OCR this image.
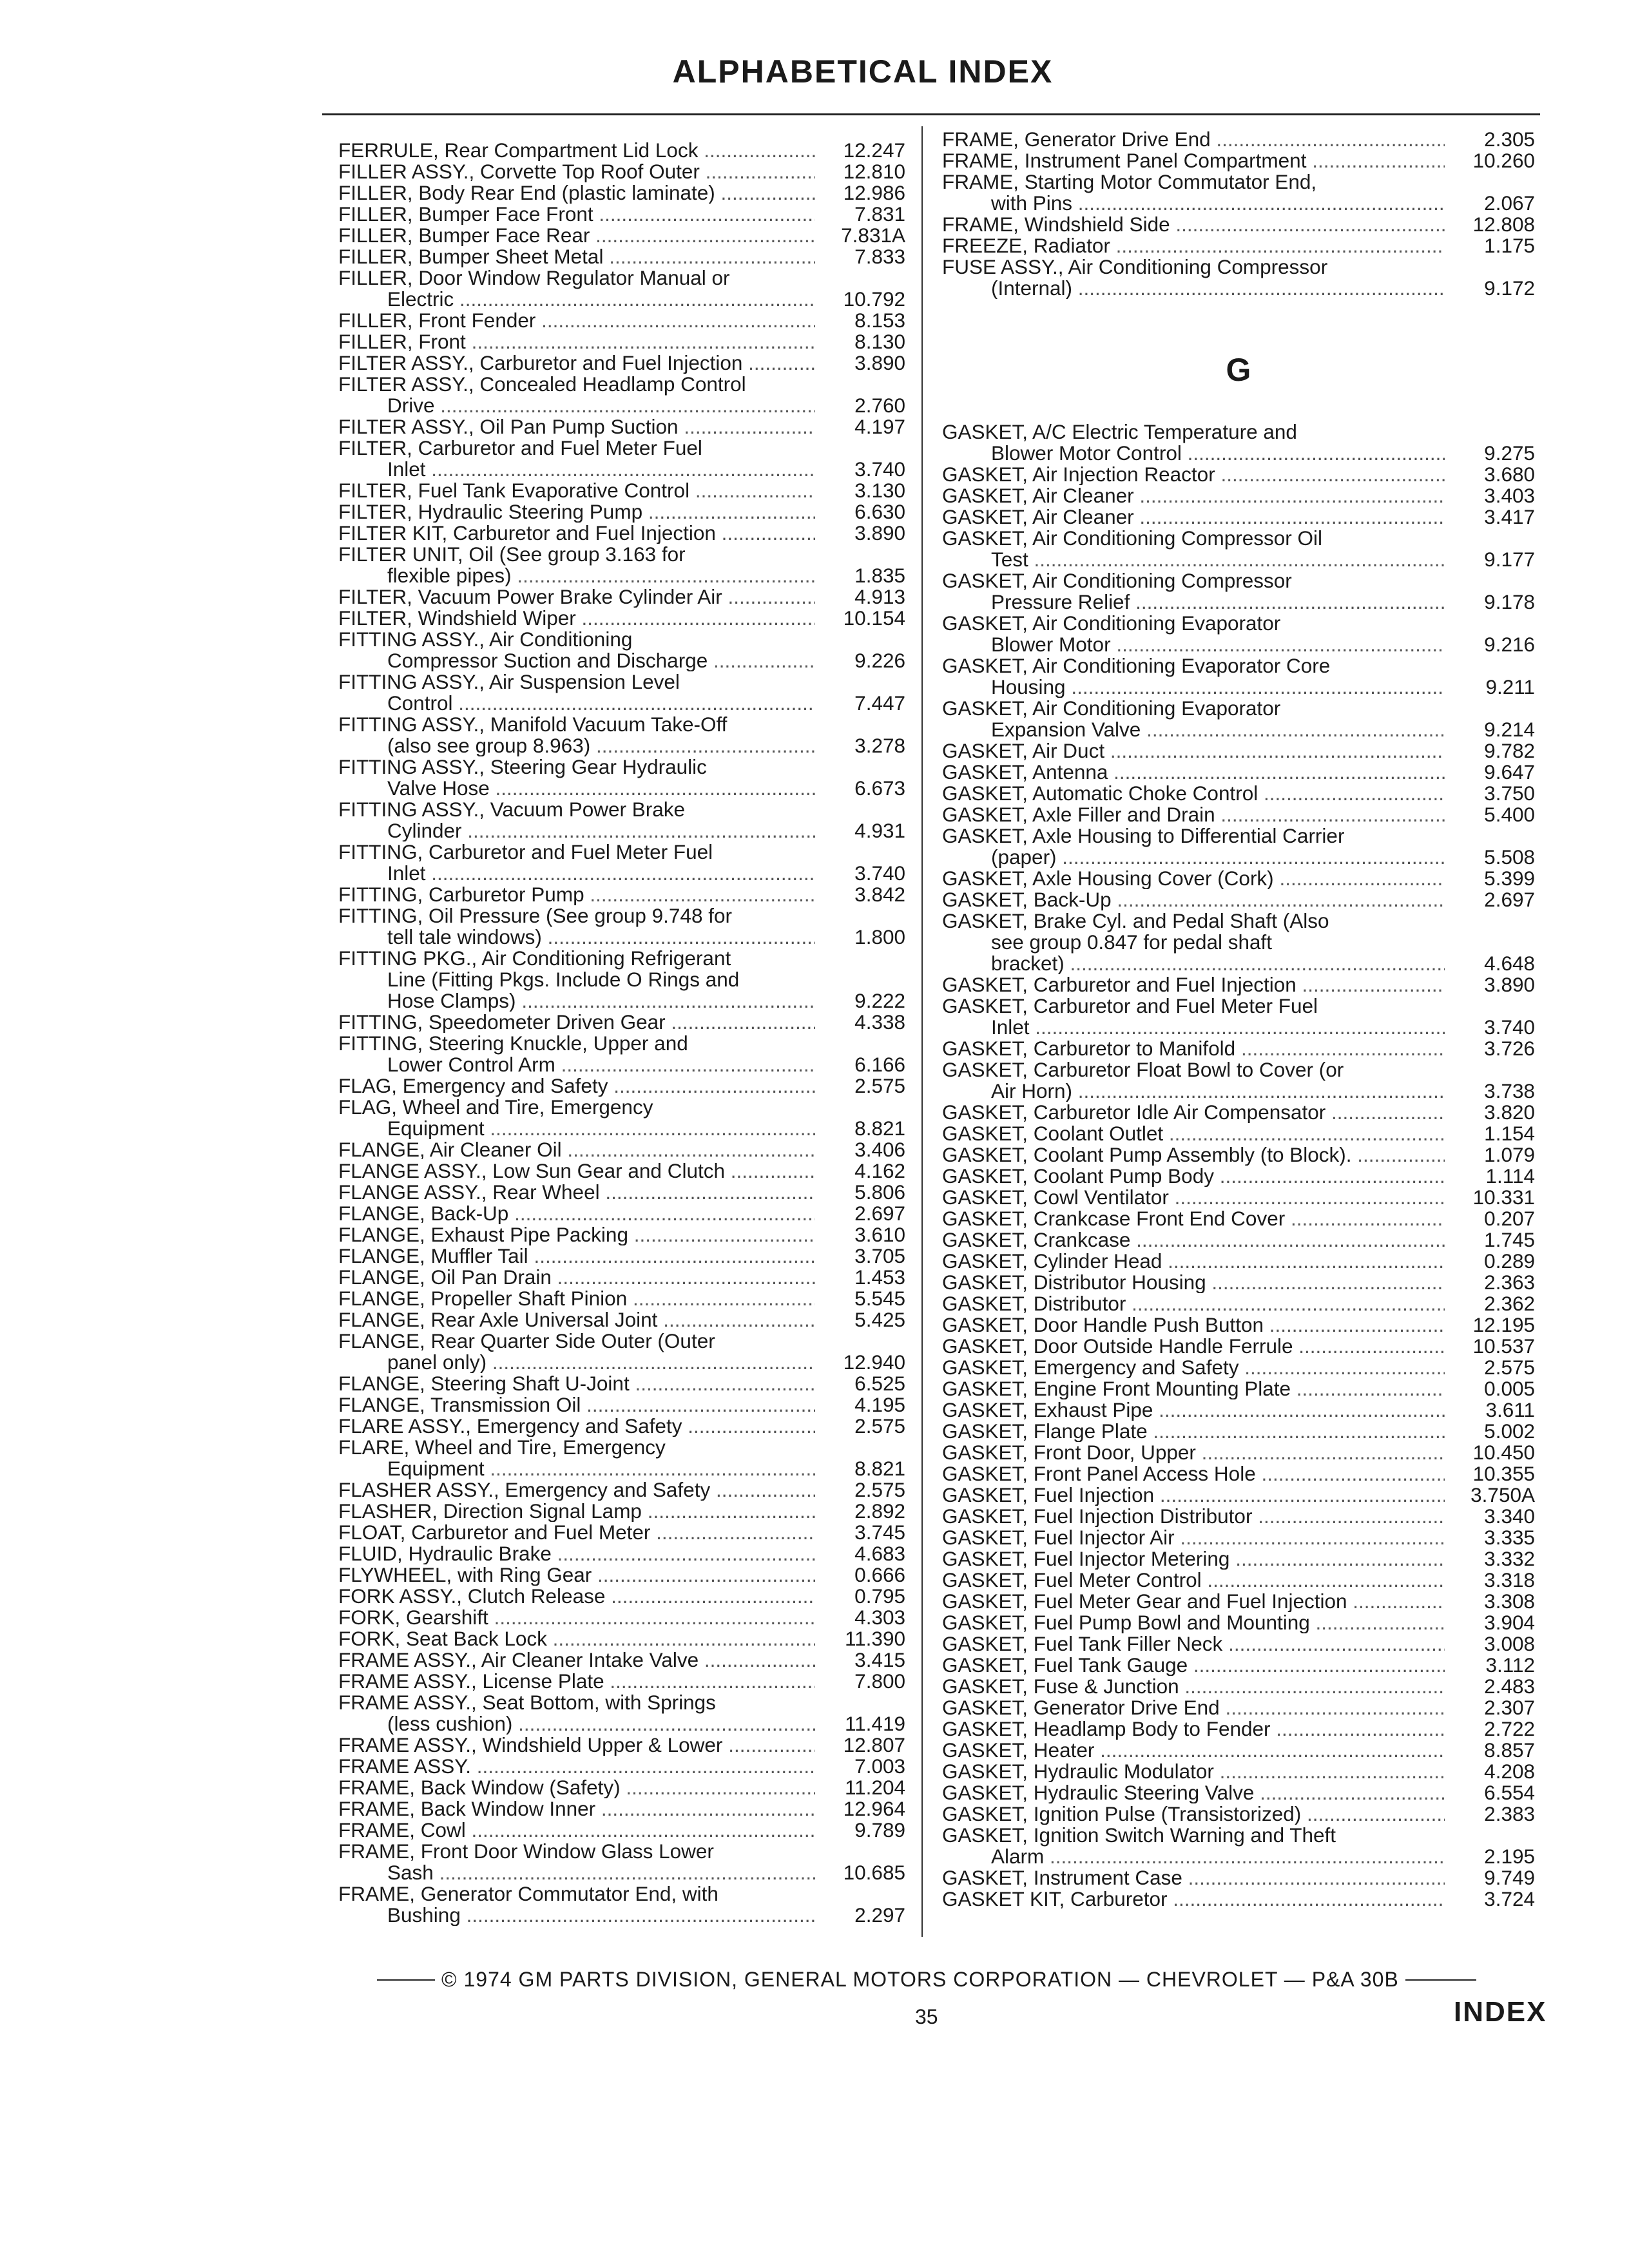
ALPHABETICAL INDEX
FERRULE, Rear Compartment Lid Lock .....	12.247
FILLER ASSY., Corvette Top Roof Outer .....	12.810
FILLER, Body Rear End (plastic laminate) .....	12.986
FILLER, Bumper Face Front .....	7.831
FILLER, Bumper Face Rear .....	7.831A
FILLER, Bumper Sheet Metal .....	7.833
FILLER, Door Window Regulator Manual or
Electric .....	10.792
FILLER, Front Fender .....	8.153
FILLER, Front .....	8.130
FILTER ASSY., Carburetor and Fuel Injection .....	3.890
FILTER ASSY., Concealed Headlamp Control
Drive .....	2.760
FILTER ASSY., Oil Pan Pump Suction .....	4.197
FILTER, Carburetor and Fuel Meter Fuel
Inlet .....	3.740
FILTER, Fuel Tank Evaporative Control .....	3.130
FILTER, Hydraulic Steering Pump .....	6.630
FILTER KIT, Carburetor and Fuel Injection .....	3.890
FILTER UNIT, Oil (See group 3.163 for
flexible pipes) .....	1.835
FILTER, Vacuum Power Brake Cylinder Air .....	4.913
FILTER, Windshield Wiper .....	10.154
FITTING ASSY., Air Conditioning
Compressor Suction and Discharge .....	9.226
FITTING ASSY., Air Suspension Level
Control .....	7.447
FITTING ASSY., Manifold Vacuum Take-Off
(also see group 8.963) .....	3.278
FITTING ASSY., Steering Gear Hydraulic
Valve Hose .....	6.673
FITTING ASSY., Vacuum Power Brake
Cylinder .....	4.931
FITTING, Carburetor and Fuel Meter Fuel
Inlet .....	3.740
FITTING, Carburetor Pump .....	3.842
FITTING, Oil Pressure (See group 9.748 for
tell tale windows) .....	1.800
FITTING PKG., Air Conditioning Refrigerant
Line (Fitting Pkgs. Include O Rings and
Hose Clamps) .....	9.222
FITTING, Speedometer Driven Gear .....	4.338
FITTING, Steering Knuckle, Upper and
Lower Control Arm .....	6.166
FLAG, Emergency and Safety .....	2.575
FLAG, Wheel and Tire, Emergency
Equipment .....	8.821
FLANGE, Air Cleaner Oil .....	3.406
FLANGE ASSY., Low Sun Gear and Clutch .....	4.162
FLANGE ASSY., Rear Wheel .....	5.806
FLANGE, Back-Up .....	2.697
FLANGE, Exhaust Pipe Packing .....	3.610
FLANGE, Muffler Tail .....	3.705
FLANGE, Oil Pan Drain .....	1.453
FLANGE, Propeller Shaft Pinion .....	5.545
FLANGE, Rear Axle Universal Joint .....	5.425
FLANGE, Rear Quarter Side Outer (Outer
panel only) .....	12.940
FLANGE, Steering Shaft U-Joint .....	6.525
FLANGE, Transmission Oil .....	4.195
FLARE ASSY., Emergency and Safety .....	2.575
FLARE, Wheel and Tire, Emergency
Equipment .....	8.821
FLASHER ASSY., Emergency and Safety .....	2.575
FLASHER, Direction Signal Lamp .....	2.892
FLOAT, Carburetor and Fuel Meter .....	3.745
FLUID, Hydraulic Brake .....	4.683
FLYWHEEL, with Ring Gear .....	0.666
FORK ASSY., Clutch Release .....	0.795
FORK, Gearshift .....	4.303
FORK, Seat Back Lock .....	11.390
FRAME ASSY., Air Cleaner Intake Valve .....	3.415
FRAME ASSY., License Plate .....	7.800
FRAME ASSY., Seat Bottom, with Springs
(less cushion) .....	11.419
FRAME ASSY., Windshield Upper & Lower .....	12.807
FRAME ASSY. .....	7.003
FRAME, Back Window (Safety) .....	11.204
FRAME, Back Window Inner .....	12.964
FRAME, Cowl .....	9.789
FRAME, Front Door Window Glass Lower
Sash .....	10.685
FRAME, Generator Commutator End, with
Bushing .....	2.297
FRAME, Generator Drive End .....	2.305
FRAME, Instrument Panel Compartment .....	10.260
FRAME, Starting Motor Commutator End,
with Pins .....	2.067
FRAME, Windshield Side .....	12.808
FREEZE, Radiator .....	1.175
FUSE ASSY., Air Conditioning Compressor
(Internal) .....	9.172
G
GASKET, A/C Electric Temperature and
Blower Motor Control .....	9.275
GASKET, Air Injection Reactor .....	3.680
GASKET, Air Cleaner .....	3.403
GASKET, Air Cleaner .....	3.417
GASKET, Air Conditioning Compressor Oil
Test .....	9.177
GASKET, Air Conditioning Compressor
Pressure Relief .....	9.178
GASKET, Air Conditioning Evaporator
Blower Motor .....	9.216
GASKET, Air Conditioning Evaporator Core
Housing .....	9.211
GASKET, Air Conditioning Evaporator
Expansion Valve .....	9.214
GASKET, Air Duct .....	9.782
GASKET, Antenna .....	9.647
GASKET, Automatic Choke Control .....	3.750
GASKET, Axle Filler and Drain .....	5.400
GASKET, Axle Housing to Differential Carrier
(paper) .....	5.508
GASKET, Axle Housing Cover (Cork) .....	5.399
GASKET, Back-Up .....	2.697
GASKET, Brake Cyl. and Pedal Shaft (Also
see group 0.847 for pedal shaft
bracket) .....	4.648
GASKET, Carburetor and Fuel Injection .....	3.890
GASKET, Carburetor and Fuel Meter Fuel
Inlet .....	3.740
GASKET, Carburetor to Manifold .....	3.726
GASKET, Carburetor Float Bowl to Cover (or
Air Horn) .....	3.738
GASKET, Carburetor Idle Air Compensator .....	3.820
GASKET, Coolant Outlet .....	1.154
GASKET, Coolant Pump Assembly (to Block). .....	1.079
GASKET, Coolant Pump Body .....	1.114
GASKET, Cowl Ventilator .....	10.331
GASKET, Crankcase Front End Cover .....	0.207
GASKET, Crankcase .....	1.745
GASKET, Cylinder Head .....	0.289
GASKET, Distributor Housing .....	2.363
GASKET, Distributor .....	2.362
GASKET, Door Handle Push Button .....	12.195
GASKET, Door Outside Handle Ferrule .....	10.537
GASKET, Emergency and Safety .....	2.575
GASKET, Engine Front Mounting Plate .....	0.005
GASKET, Exhaust Pipe .....	3.611
GASKET, Flange Plate .....	5.002
GASKET, Front Door, Upper .....	10.450
GASKET, Front Panel Access Hole .....	10.355
GASKET, Fuel Injection .....	3.750A
GASKET, Fuel Injection Distributor .....	3.340
GASKET, Fuel Injector Air .....	3.335
GASKET, Fuel Injector Metering .....	3.332
GASKET, Fuel Meter Control .....	3.318
GASKET, Fuel Meter Gear and Fuel Injection .....	3.308
GASKET, Fuel Pump Bowl and Mounting .....	3.904
GASKET, Fuel Tank Filler Neck .....	3.008
GASKET, Fuel Tank Gauge .....	3.112
GASKET, Fuse & Junction .....	2.483
GASKET, Generator Drive End .....	2.307
GASKET, Headlamp Body to Fender .....	2.722
GASKET, Heater .....	8.857
GASKET, Hydraulic Modulator .....	4.208
GASKET, Hydraulic Steering Valve .....	6.554
GASKET, Ignition Pulse (Transistorized) .....	2.383
GASKET, Ignition Switch Warning and Theft
Alarm .....	2.195
GASKET, Instrument Case .....	9.749
GASKET KIT, Carburetor .....	3.724
© 1974 GM PARTS DIVISION, GENERAL MOTORS CORPORATION — CHEVROLET — P&A 30B
35	INDEX
